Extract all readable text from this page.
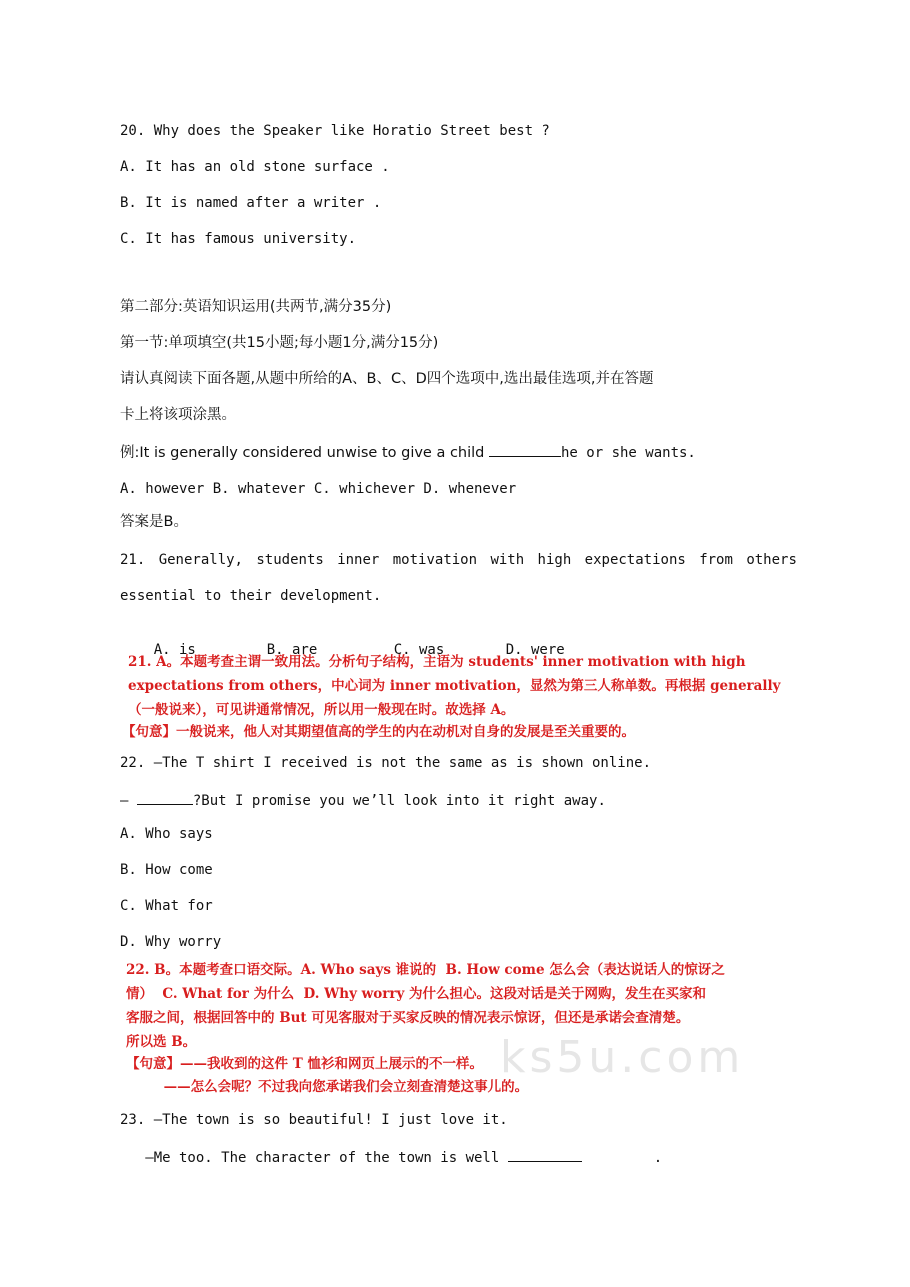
20. Why does the Speaker like Horatio Street best ?
A. It has an old stone surface .
B. It is named after a writer .
C. It has famous university.
第二部分:英语知识运用(共两节,满分35分)
第一节:单项填空(共15小题;每小题1分,满分15分)
请认真阅读下面各题,从题中所给的A、B、C、D四个选项中,选出最佳选项,并在答题
卡上将该项涂黑。
例:It is generally considered unwise to give a child	he or she wants.
A. however B. whatever C. whichever D. whenever
答案是B。
21. Generally, students inner motivation with high expectations from others
essential to their development.

A. is	B. are	C. was	D. were

21. A。本题考查主谓一致用法。分析句子结构，主语为 students' inner motivation with high
expectations from others，中心词为 inner motivation，显然为第三人称单数。再根据 generally
（一般说来），可见讲通常情况，所以用一般现在时。故选择 A。
【句意】一般说来，他人对其期望值高的学生的内在动机对自身的发展是至关重要的。
22. —The T shirt I received is not the same as is shown online.
—	?But I promise you we’ll look into it right away.
A. Who says
B. How come
C. What for
D. Why worry
ks5u.com
22. B。本题考查口语交际。A. Who says 谁说的  B. How come 怎么会（表达说话人的惊讶之
情）  C. What for 为什么  D. Why worry 为什么担心。这段对话是关于网购，发生在买家和
客服之间，根据回答中的 But 可见客服对于买家反映的情况表示惊讶，但还是承诺会查清楚。
所以选 B。
【句意】——我收到的这件 T 恤衫和网页上展示的不一样。
——怎么会呢？不过我向您承诺我们会立刻查清楚这事儿的。
23. —The town is so beautiful! I just love it.
—Me too. The character of the town is well	.
